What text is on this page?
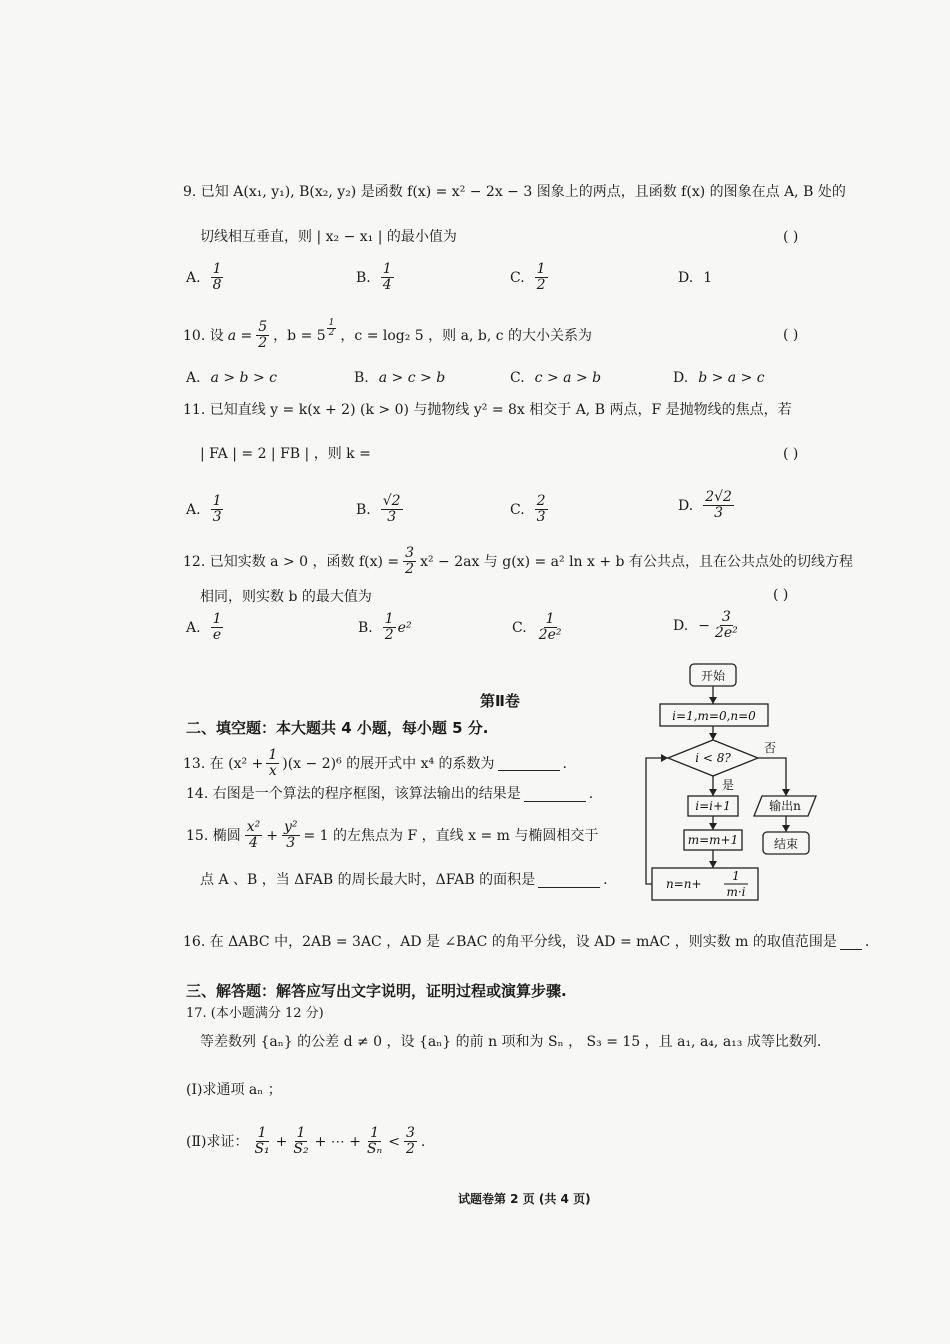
9. 已知 A(x₁, y₁), B(x₂, y₂) 是函数 f(x) = x² − 2x − 3 图象上的两点，且函数 f(x) 的图象在点 A, B 处的
切线相互垂直，则 | x₂ − x₁ | 的最小值为	( )
A. $\frac{1}{8}$	B. $\frac{1}{4}$	C. $\frac{1}{2}$	D. 1
10. 设 $a = \frac{5}{2}$ ，$b = 5 \frac{1}{2}$ ，c = log₂ 5 ，则 a, b, c 的大小关系为	( )
A. a > b > c	B. a > c > b	C. c > a > b	D. b > a > c
11. 已知直线 y = k(x + 2) (k > 0) 与抛物线 y² = 8x 相交于 A, B 两点，F 是抛物线的焦点，若
| FA | = 2 | FB | ，则 k =	( )
A. $\frac{1}{3}$	B. $\frac{√2}{3}$	C. $\frac{2}{3}$	D. $\frac{2√2}{3}$
12. 已知实数 a > 0 ，函数 $f(x) = \frac{3}{2} x^2 - 2ax$ 与 g(x) = a² ln x + b 有公共点，且在公共点处的切线方程
相同，则实数 b 的最大值为	( )
A. $\frac{1}{e}$	B. $\frac{1}{2} e^2$	C. $\frac{1}{\text{2e²}}$	D. − $\frac{3}{\text{2e²}}$
第Ⅱ卷
二、填空题：本大题共 4 小题，每小题 5 分.
13. 在 $(x^2 + \frac{1}{x} )(x - 2)^6$ 的展开式中 x⁴ 的系数为	.
14. 右图是一个算法的程序框图，该算法输出的结果是	.
15. 椭圆 $\frac{\text{x²}}{4} + \frac{\text{y²}}{3} = 1$ 的左焦点为 F ，直线 x = m 与椭圆相交于
点 A 、B ，当 ΔFAB 的周长最大时，ΔFAB 的面积是	.
16. 在 ΔABC 中，2AB = 3AC ，AD 是 ∠BAC 的角平分线，设 AD = mAC ，则实数 m 的取值范围是 .
三、解答题：解答应写出文字说明，证明过程或演算步骤.
17. (本小题满分 12 分)
等差数列 {aₙ} 的公差 d ≠ 0 ，设 {aₙ} 的前 n 项和为 Sₙ ， S₃ = 15 ，且 a₁, a₄, a₁₃ 成等比数列.
(Ⅰ)求通项 aₙ ；
(Ⅱ)求证： $\frac{1}{\text{S₁}} + \frac{1}{\text{S₂}}$ + ⋯ + $\frac{1}{\text{Sₙ}} < \frac{3}{2}$ .
开始
i=1,m=0,n=0
i < 8?
是
否
i=i+1
m=m+1
n=n+
1
m·i
输出n
结束
试题卷第 2 页 (共 4 页)
